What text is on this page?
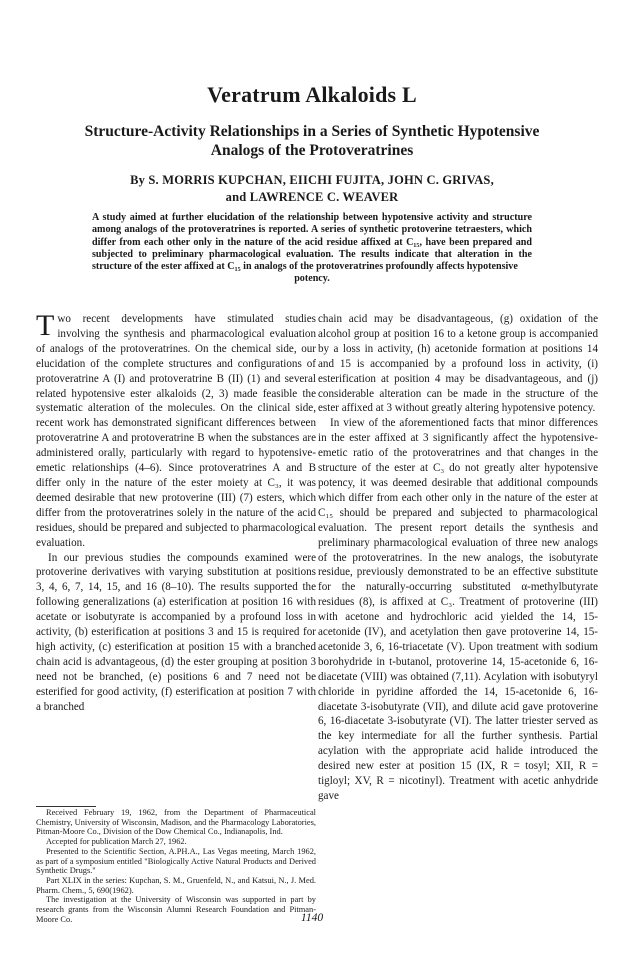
Veratrum Alkaloids L
Structure-Activity Relationships in a Series of Synthetic Hypotensive Analogs of the Protoveratrines
By S. MORRIS KUPCHAN, EIICHI FUJITA, JOHN C. GRIVAS,
and LAWRENCE C. WEAVER
A study aimed at further elucidation of the relationship between hypotensive activity and structure among analogs of the protoveratrines is reported. A series of synthetic protoverine tetraesters, which differ from each other only in the nature of the acid residue affixed at C₁₅, have been prepared and subjected to preliminary pharmacological evaluation. The results indicate that alteration in the structure of the ester affixed at C₁₅ in analogs of the protoveratrines profoundly affects hypotensive
potency.

Two recent developments have stimulated studies involving the synthesis and pharmacological evaluation of analogs of the protoveratrines. On the chemical side, our elucidation of the complete structures and configurations of protoveratrine A (I) and protoveratrine B (II) (1) and several related hypotensive ester alkaloids (2, 3) made feasible the systematic alteration of the molecules. On the clinical side, recent work has demonstrated significant differences between protoveratrine A and protoveratrine B when the substances are administered orally, particularly with regard to hypotensive-emetic relationships (4–6). Since protoveratrines A and B differ only in the nature of the ester moiety at C₃, it was deemed desirable that new protoverine (III) (7) esters, which differ from the protoveratrines solely in the nature of the acid residues, should be prepared and subjected to pharmacological evaluation.

In our previous studies the compounds examined were protoverine derivatives with varying substitution at positions 3, 4, 6, 7, 14, 15, and 16 (8–10). The results supported the following generalizations (a) esterification at position 16 with acetate or isobutyrate is accompanied by a profound loss in activity, (b) esterification at positions 3 and 15 is required for high activity, (c) esterification at position 15 with a branched chain acid is advantageous, (d) the ester grouping at position 3 need not be branched, (e) positions 6 and 7 need not be esterified for good activity, (f) esterification at position 7 with a branched

Received February 19, 1962, from the Department of Pharmaceutical Chemistry, University of Wisconsin, Madison, and the Pharmacology Laboratories, Pitman-Moore Co., Division of the Dow Chemical Co., Indianapolis, Ind.

Accepted for publication March 27, 1962.

Presented to the Scientific Section, A.PH.A., Las Vegas meeting, March 1962, as part of a symposium entitled "Biologically Active Natural Products and Derived Synthetic Drugs."

Part XLIX in the series: Kupchan, S. M., Gruenfeld, N., and Katsui, N., J. Med. Pharm. Chem., 5, 690(1962).

The investigation at the University of Wisconsin was supported in part by research grants from the Wisconsin Alumni Research Foundation and Pitman-Moore Co.

chain acid may be disadvantageous, (g) oxidation of the alcohol group at position 16 to a ketone group is accompanied by a loss in activity, (h) acetonide formation at positions 14 and 15 is accompanied by a profound loss in activity, (i) esterification at position 4 may be disadvantageous, and (j) considerable alteration can be made in the structure of the ester affixed at 3 without greatly altering hypotensive potency.

In view of the aforementioned facts that minor differences in the ester affixed at 3 significantly affect the hypotensive-emetic ratio of the protoveratrines and that changes in the structure of the ester at C₃ do not greatly alter hypotensive potency, it was deemed desirable that additional compounds which differ from each other only in the nature of the ester at C₁₅ should be prepared and subjected to pharmacological evaluation. The present report details the synthesis and preliminary pharmacological evaluation of three new analogs of the protoveratrines. In the new analogs, the isobutyrate residue, previously demonstrated to be an effective substitute for the naturally-occurring substituted α-methylbutyrate residues (8), is affixed at C₃. Treatment of protoverine (III) with acetone and hydrochloric acid yielded the 14, 15-acetonide (IV), and acetylation then gave protoverine 14, 15-acetonide 3, 6, 16-triacetate (V). Upon treatment with sodium borohydride in t-butanol, protoverine 14, 15-acetonide 6, 16-diacetate (VIII) was obtained (7,11). Acylation with isobutyryl chloride in pyridine afforded the 14, 15-acetonide 6, 16-diacetate 3-isobutyrate (VII), and dilute acid gave protoverine 6, 16-diacetate 3-isobutyrate (VI). The latter triester served as the key intermediate for all the further synthesis. Partial acylation with the appropriate acid halide introduced the desired new ester at position 15 (IX, R = tosyl; XII, R = tigloyl; XV, R = nicotinyl). Treatment with acetic anhydride gave

1140
